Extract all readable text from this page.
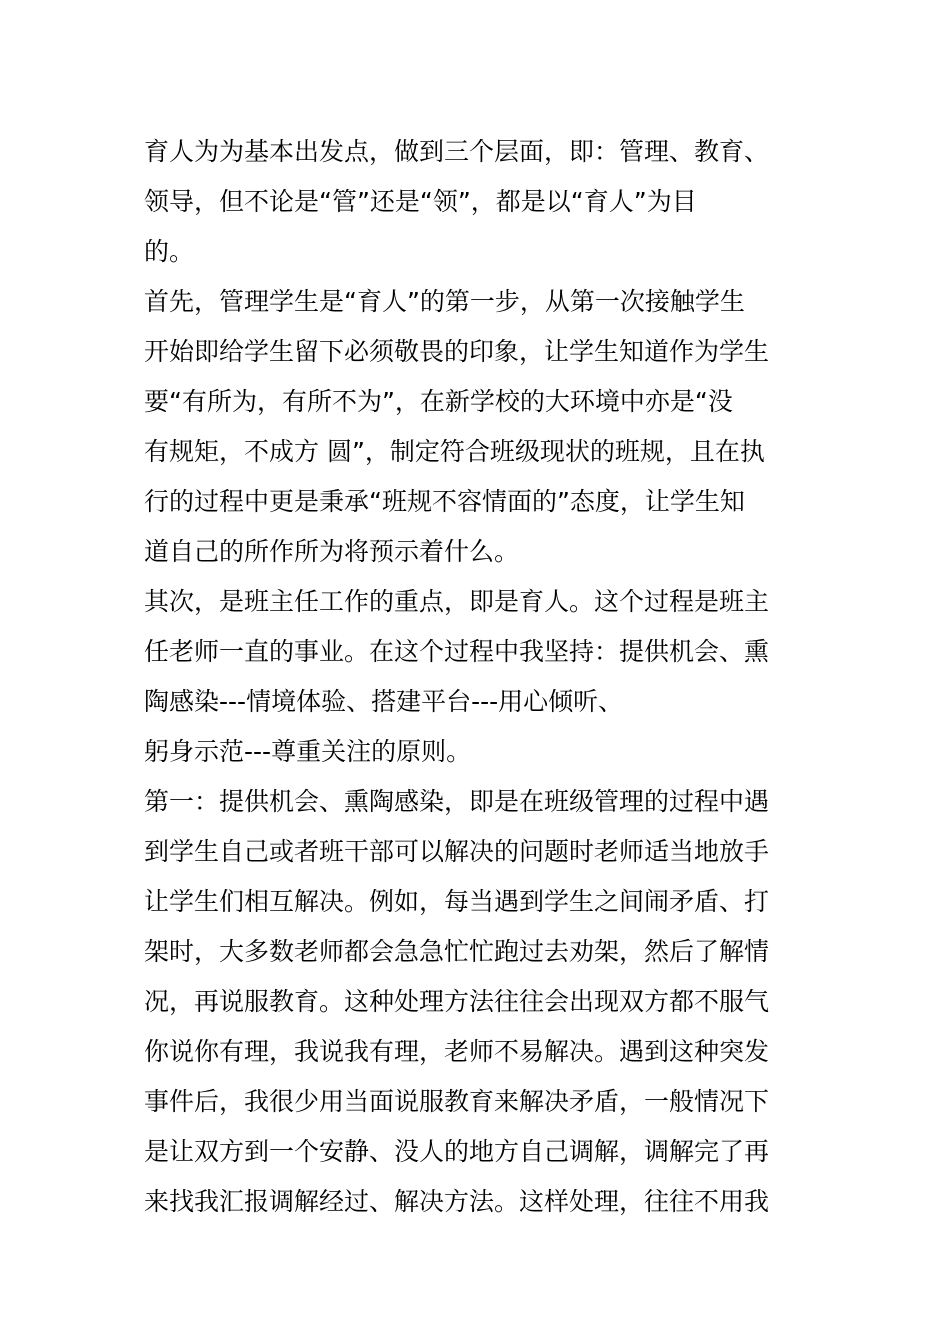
育人为为基本出发点，做到三个层面，即：管理、教育、
领导，但不论是“管”还是“领”，都是以“育人”为目
的。
首先，管理学生是“育人”的第一步，从第一次接触学生
开始即给学生留下必须敬畏的印象，让学生知道作为学生
要“有所为，有所不为”，在新学校的大环境中亦是“没
有规矩，不成方 圆”，制定符合班级现状的班规，且在执
行的过程中更是秉承“班规不容情面的”态度，让学生知
道自己的所作所为将预示着什么。
其次，是班主任工作的重点，即是育人。这个过程是班主
任老师一直的事业。在这个过程中我坚持：提供机会、熏
陶感染---情境体验、搭建平台---用心倾听、
躬身示范---尊重关注的原则。
第一：提供机会、熏陶感染，即是在班级管理的过程中遇
到学生自己或者班干部可以解决的问题时老师适当地放手
让学生们相互解决。例如，每当遇到学生之间闹矛盾、打
架时，大多数老师都会急急忙忙跑过去劝架，然后了解情
况，再说服教育。这种处理方法往往会出现双方都不服气
你说你有理，我说我有理，老师不易解决。遇到这种突发
事件后，我很少用当面说服教育来解决矛盾，一般情况下
是让双方到一个安静、没人的地方自己调解，调解完了再
来找我汇报调解经过、解决方法。这样处理，往往不用我
